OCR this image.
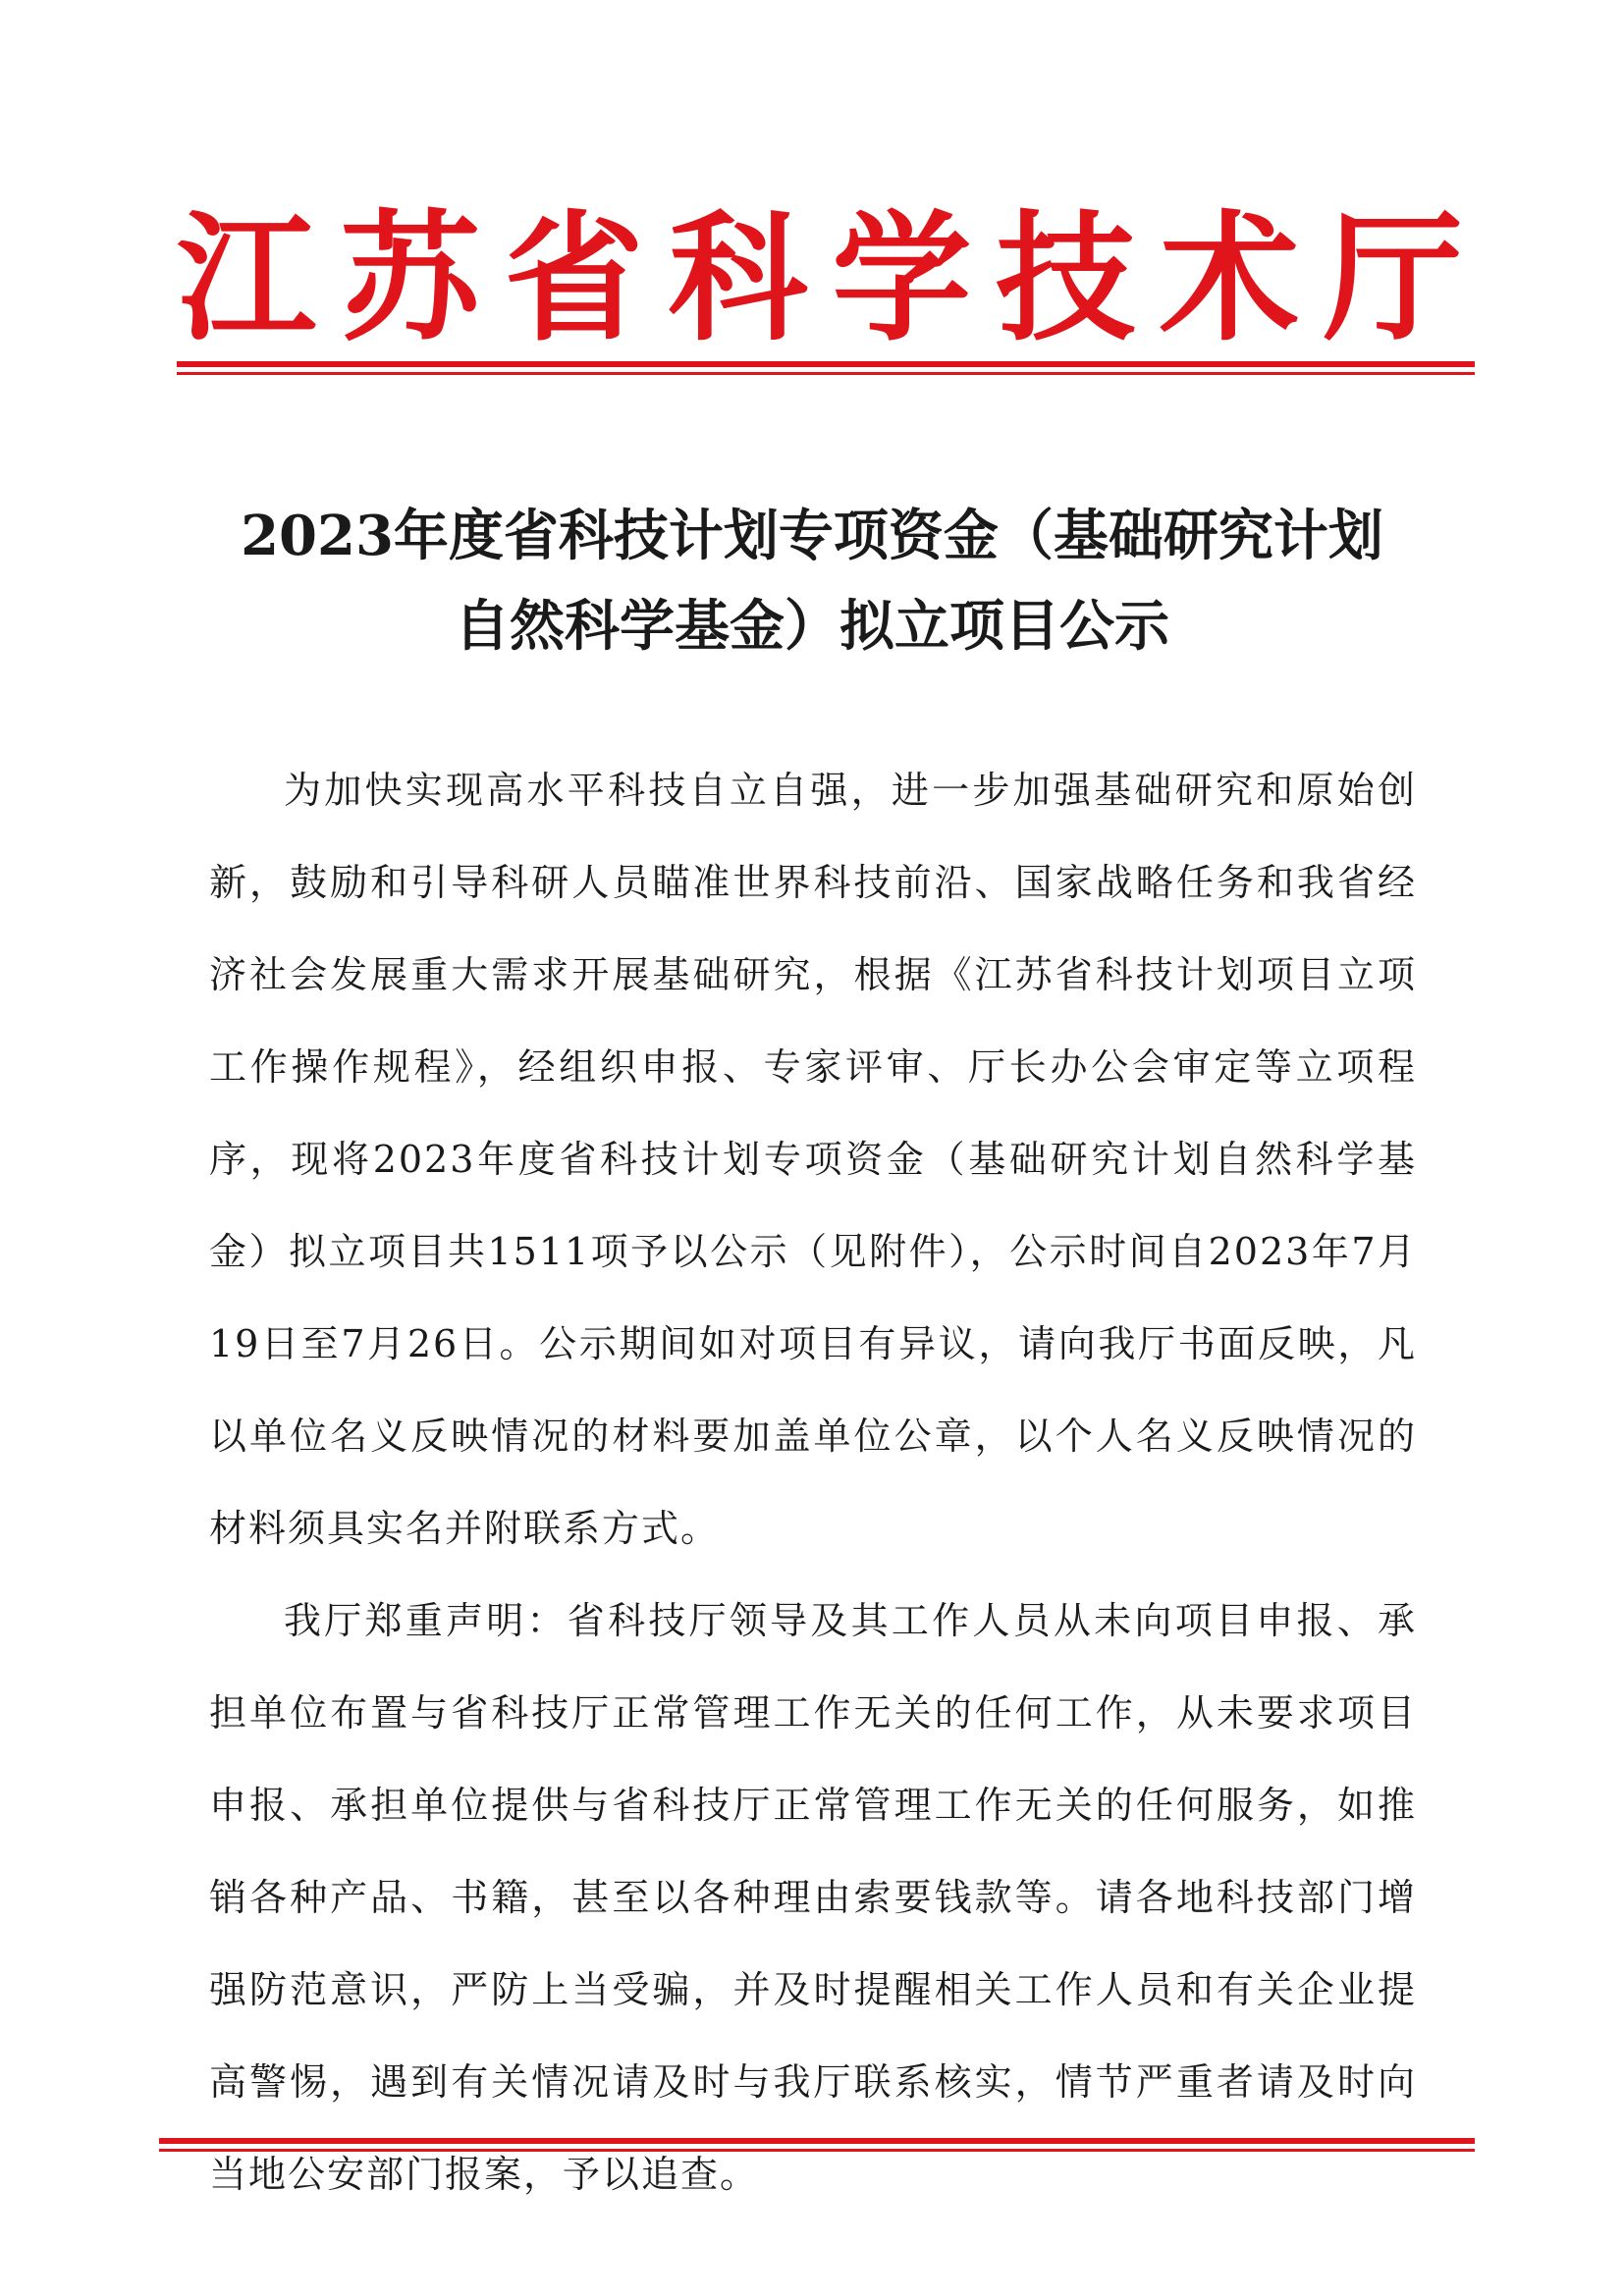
江 苏 省 科 学 技 术 厅
2023年度省科技计划专项资金（基础研究计划
自然科学基金）拟立项目公示

为加快实现高水平科技自立自强，进一步加强基础研究和原始创新，鼓励和引导科研人员瞄准世界科技前沿、国家战略任务和我省经济社会发展重大需求开展基础研究，根据《江苏省科技计划项目立项工作操作规程》，经组织申报、专家评审、厅长办公会审定等立项程序，现将2023年度省科技计划专项资金（基础研究计划自然科学基金）拟立项目共1511项予以公示（见附件），公示时间自2023年7月19日至7月26日。公示期间如对项目有异议，请向我厅书面反映，凡以单位名义反映情况的材料要加盖单位公章，以个人名义反映情况的材料须具实名并附联系方式。

我厅郑重声明：省科技厅领导及其工作人员从未向项目申报、承担单位布置与省科技厅正常管理工作无关的任何工作，从未要求项目申报、承担单位提供与省科技厅正常管理工作无关的任何服务，如推销各种产品、书籍，甚至以各种理由索要钱款等。请各地科技部门增强防范意识，严防上当受骗，并及时提醒相关工作人员和有关企业提高警惕，遇到有关情况请及时与我厅联系核实，情节严重者请及时向当地公安部门报案，予以追查。
